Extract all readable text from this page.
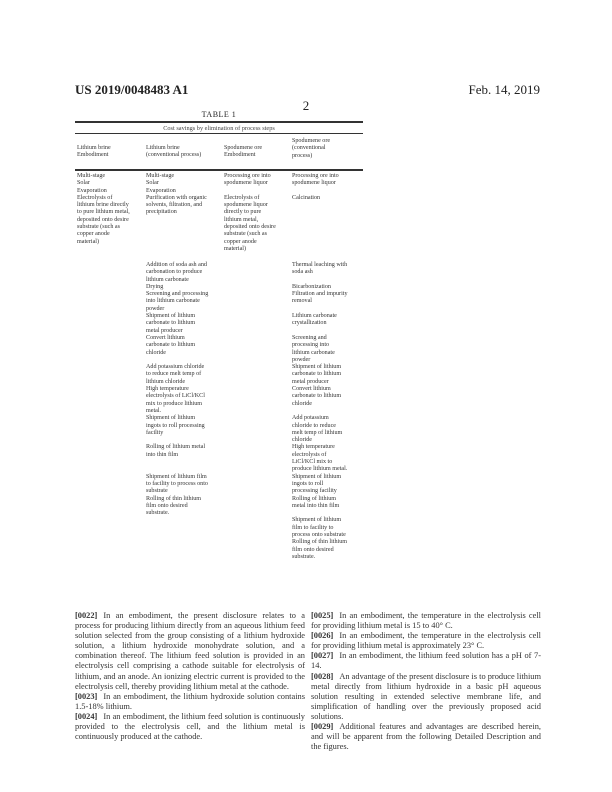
US 2019/0048483 A1	Feb. 14, 2019
2
TABLE 1
Cost savings by elimination of process steps
Lithium brine
Embodiment
Lithium brine
(conventional process)
Spodumene ore
Embodiment
Spodumene ore
(conventional
process)
Multi-stage
Solar
Evaporation
Electrolysis of
lithium brine directly
to pure lithium metal,
deposited onto desire
substrate (such as
copper anode
material)
Multi-stage
Solar
Evaporation
Purification with organic
solvents, filtration, and
precipitation
Processing ore into
spodumene liquor

Electrolysis of
spodumene liquor
directly to pure
lithium metal,
deposited onto desire
substrate (such as
copper anode
material)
Processing ore into
spodumene liquor

Calcination
Addition of soda ash and
carbonation to produce
lithium carbonate
Drying
Screening and processing
into lithium carbonate
powder
Shipment of lithium
carbonate to lithium
metal producer
Convert lithium
carbonate to lithium
chloride

Add potassium chloride
to reduce melt temp of
lithium chloride
High temperature
electrolysis of LiCl/KCl
mix to produce lithium
metal.
Shipment of lithium
ingots to roll processing
facility

Rolling of lithium metal
into thin film

Shipment of lithium film
to facility to process onto
substrate
Rolling of thin lithium
film onto desired
substrate.
Thermal leaching with
soda ash

Bicarbonization
Filtration and impurity
removal

Lithium carbonate
crystallization

Screening and
processing into
lithium carbonate
powder
Shipment of lithium
carbonate to lithium
metal producer
Convert lithium
carbonate to lithium
chloride

Add potassium
chloride to reduce
melt temp of lithium
chloride
High temperature
electrolysis of
LiCl/KCl mix to
produce lithium metal.
Shipment of lithium
ingots to roll
processing facility
Rolling of lithium
metal into thin film

Shipment of lithium
film to facility to
process onto substrate
Rolling of thin lithium
film onto desired
substrate.
[0022] In an embodiment, the present disclosure relates to a process for producing lithium directly from an aqueous lithium feed solution selected from the group consisting of a lithium hydroxide solution, a lithium hydroxide monohydrate solution, and a combination thereof. The lithium feed solution is provided in an electrolysis cell comprising a cathode suitable for electrolysis of lithium, and an anode. An ionizing electric current is provided to the electrolysis cell, thereby providing lithium metal at the cathode.
[0023] In an embodiment, the lithium hydroxide solution contains 1.5-18% lithium.
[0024] In an embodiment, the lithium feed solution is continuously provided to the electrolysis cell, and the lithium metal is continuously produced at the cathode.
[0025] In an embodiment, the temperature in the electrolysis cell for providing lithium metal is 15 to 40° C.
[0026] In an embodiment, the temperature in the electrolysis cell for providing lithium metal is approximately 23° C.
[0027] In an embodiment, the lithium feed solution has a pH of 7-14.
[0028] An advantage of the present disclosure is to produce lithium metal directly from lithium hydroxide in a basic pH aqueous solution resulting in extended selective membrane life, and simplification of handling over the previously proposed acid solutions.
[0029] Additional features and advantages are described herein, and will be apparent from the following Detailed Description and the figures.
